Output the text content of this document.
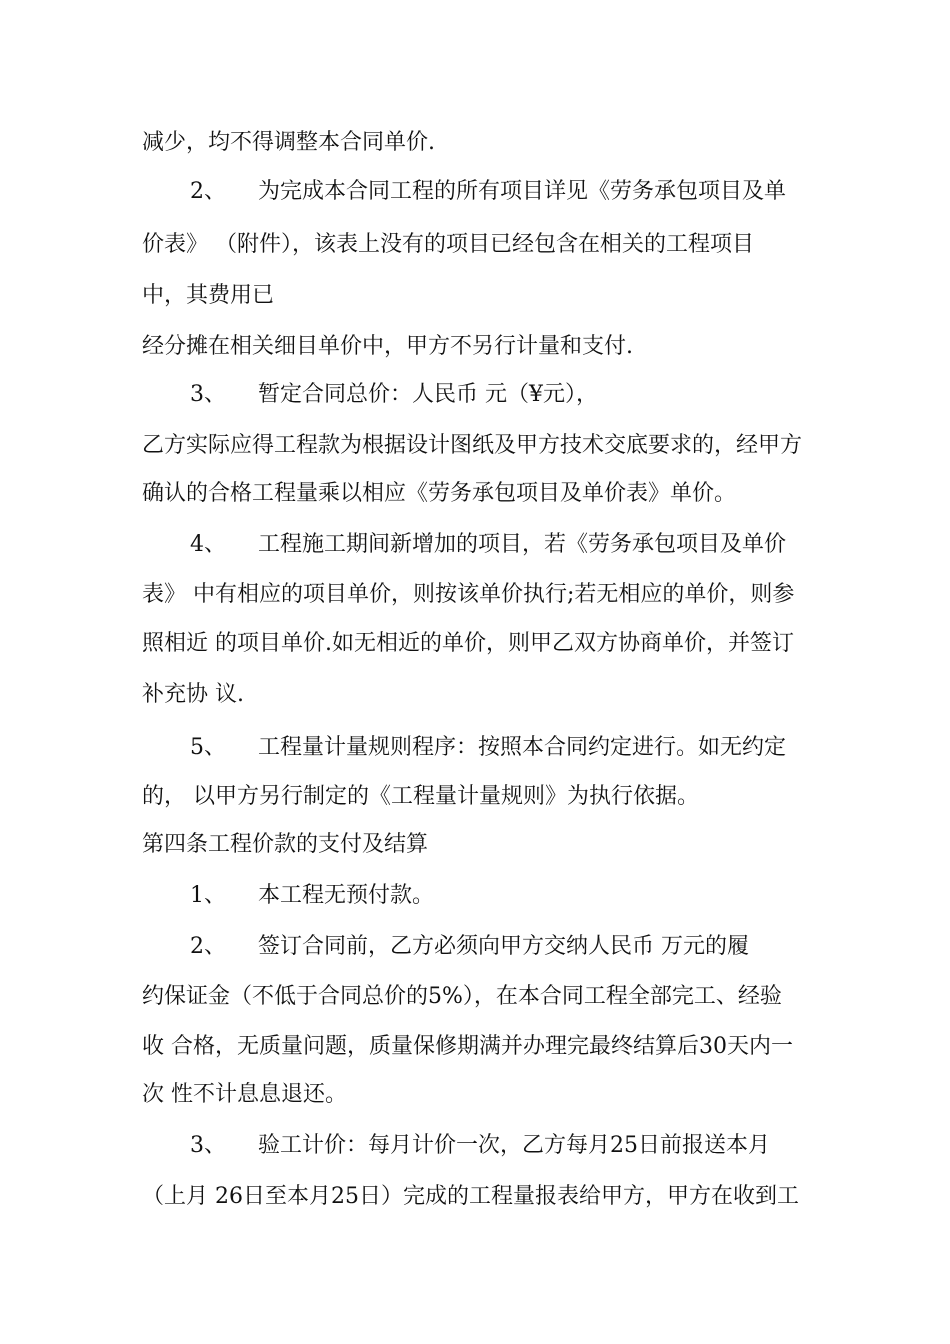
减少，均不得调整本合同单价.
2、 为完成本合同工程的所有项目详见《劳务承包项目及单
价表》 （附件），该表上没有的项目已经包含在相关的工程项目
中，其费用已
经分摊在相关细目单价中，甲方不另行计量和支付.
3、 暂定合同总价：人民币 元（¥元），
乙方实际应得工程款为根据设计图纸及甲方技术交底要求的，经甲方
确认的合格工程量乘以相应《劳务承包项目及单价表》单价。
4、 工程施工期间新增加的项目，若《劳务承包项目及单价
表》 中有相应的项目单价，则按该单价执行;若无相应的单价，则参
照相近 的项目单价.如无相近的单价，则甲乙双方协商单价，并签订
补充协 议.
5、 工程量计量规则程序：按照本合同约定进行。如无约定
的， 以甲方另行制定的《工程量计量规则》为执行依据。
第四条工程价款的支付及结算
1、 本工程无预付款。
2、 签订合同前，乙方必须向甲方交纳人民币 万元的履
约保证金（不低于合同总价的5%），在本合同工程全部完工、经验
收 合格，无质量问题，质量保修期满并办理完最终结算后30天内一
次 性不计息息退还。
3、 验工计价：每月计价一次，乙方每月25日前报送本月
（上月 26日至本月25日）完成的工程量报表给甲方，甲方在收到工
